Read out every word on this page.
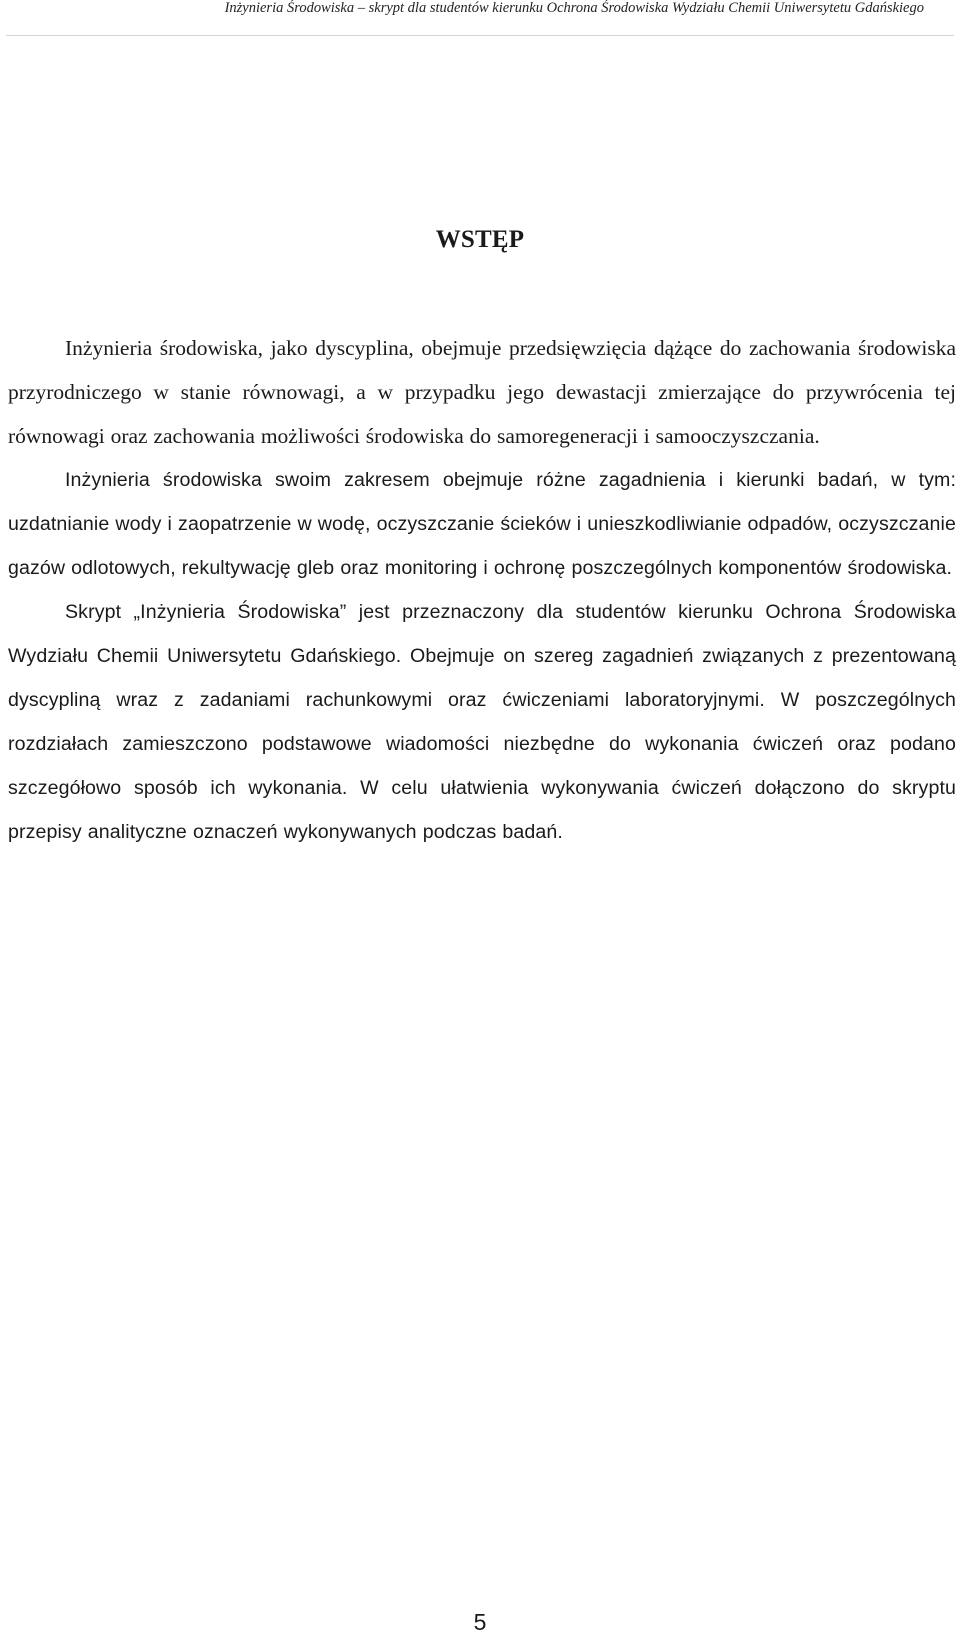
Inżynieria Środowiska – skrypt dla studentów kierunku Ochrona Środowiska Wydziału Chemii Uniwersytetu Gdańskiego
WSTĘP

Inżynieria środowiska, jako dyscyplina, obejmuje przedsięwzięcia dążące do zachowania środowiska przyrodniczego w stanie równowagi, a w przypadku jego dewastacji zmierzające do przywrócenia tej równowagi oraz zachowania możliwości środowiska do samoregeneracji i samooczyszczania.

Inżynieria środowiska swoim zakresem obejmuje różne zagadnienia i kierunki badań, w tym: uzdatnianie wody i zaopatrzenie w wodę, oczyszczanie ścieków i unieszkodliwianie odpadów, oczyszczanie gazów odlotowych, rekultywację gleb oraz monitoring i ochronę poszczególnych komponentów środowiska.

Skrypt „Inżynieria Środowiska” jest przeznaczony dla studentów kierunku Ochrona Środowiska Wydziału Chemii Uniwersytetu Gdańskiego. Obejmuje on szereg zagadnień związanych z prezentowaną dyscypliną wraz z zadaniami rachunkowymi oraz ćwiczeniami laboratoryjnymi. W poszczególnych rozdziałach zamieszczono podstawowe wiadomości niezbędne do wykonania ćwiczeń oraz podano szczegółowo sposób ich wykonania. W celu ułatwienia wykonywania ćwiczeń dołączono do skryptu przepisy analityczne oznaczeń wykonywanych podczas badań.

5
